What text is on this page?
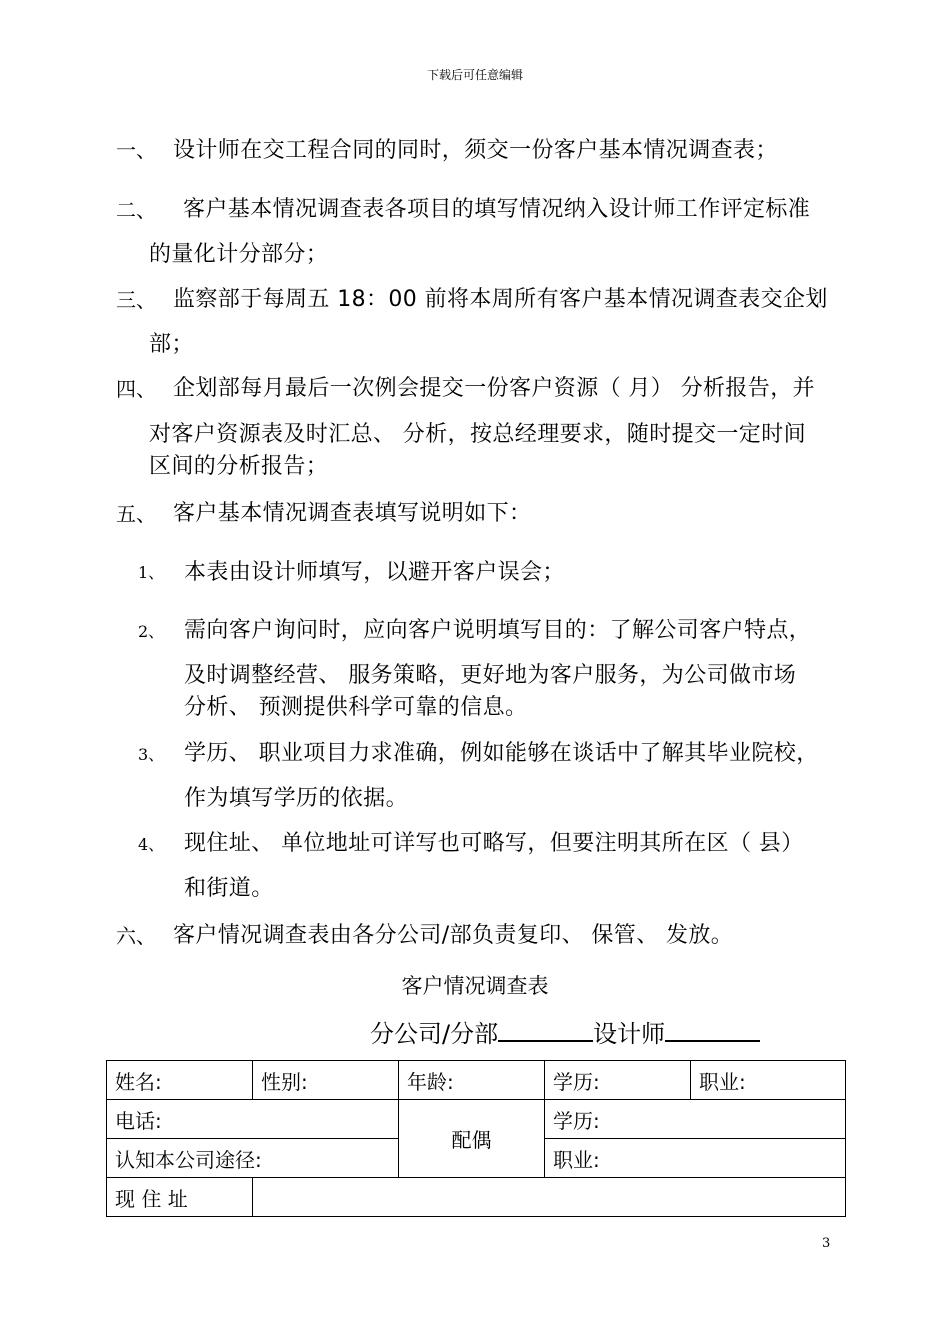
下载后可任意编辑
一、 设计师在交工程合同的同时，须交一份客户基本情况调查表；
二、 客户基本情况调查表各项目的填写情况纳入设计师工作评定标准
的量化计分部分；
三、 监察部于每周五 18：00 前将本周所有客户基本情况调查表交企划
部；
四、 企划部每月最后一次例会提交一份客户资源（ 月） 分析报告，并
对客户资源表及时汇总、 分析，按总经理要求，随时提交一定时间
区间的分析报告；
五、 客户基本情况调查表填写说明如下：
1、 本表由设计师填写，以避开客户误会；
2、 需向客户询问时，应向客户说明填写目的：了解公司客户特点，
及时调整经营、 服务策略，更好地为客户服务，为公司做市场
分析、 预测提供科学可靠的信息。
3、 学历、 职业项目力求准确，例如能够在谈话中了解其毕业院校，
作为填写学历的依据。
4、 现住址、 单位地址可详写也可略写，但要注明其所在区（ 县）
和街道。
六、 客户情况调查表由各分公司/部负责复印、 保管、 发放。
客户情况调查表
分公司/分部	设计师
姓名:	性别:	年龄:	学历:	职业:
电话:		配偶	学历:	
认知本公司途径:			职业:	
现 住 址				
3
